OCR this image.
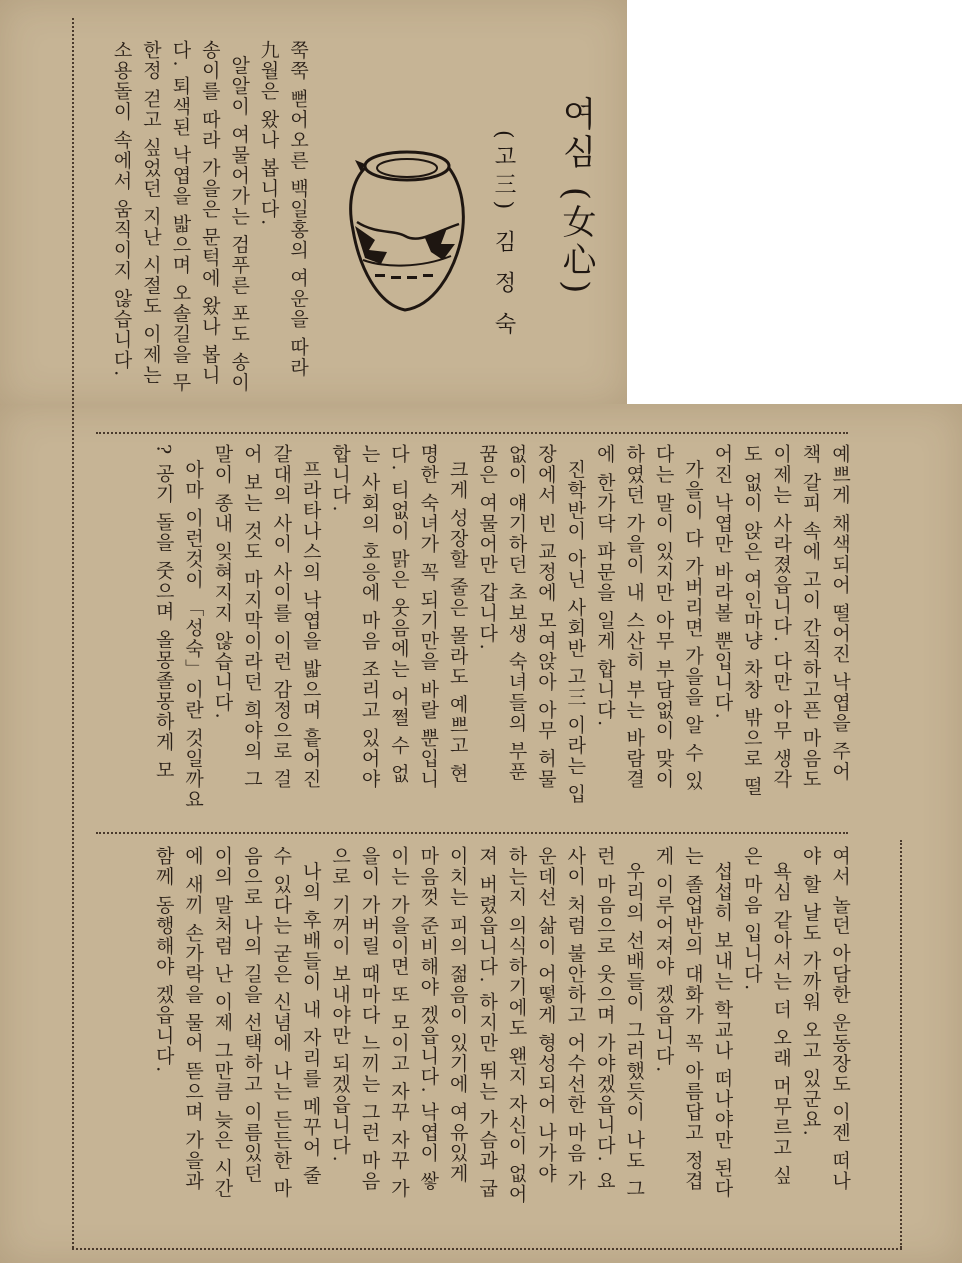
여심 (女心)
(고三)
김 정 숙
쭉쭉 뻗어오른 백일홍의 여운을 따라
九월은 왔나 봅니다.
알알이 여물어가는 검푸른 포도 송이
송이를 따라 가을은 문턱에 왔나 봅니
다. 퇴색된 낙엽을 밟으며 오솔길을 무
한정 걷고 싶었던 지난 시절도 이제는
소용돌이 속에서 움직이지 않습니다.
예쁘게 채색되어 떨어진 낙엽을 주어
책 갈피 속에 고이 간직하고픈 마음도
이제는 사라졌읍니다. 다만 아무 생각
도 없이 앉은 여인마냥 차창 밖으로 떨
어진 낙엽만 바라볼 뿐입니다.
가을이 다 가버리면 가을을 알 수 있
다는 말이 있지만 아무 부담없이 맞이
하였던 가을이 내 스산히 부는 바람결
에 한가닥 파문을 일게 합니다.
진학반이 아닌 사회반 고三 이라는 입
장에서 빈 교정에 모여앉아 아무 허물
없이 얘기하던 초보생 숙녀들의 부푼
꿈은 여물어만 갑니다.
크게 성장할 줄은 몰라도 예쁘고 현
명한 숙녀가 꼭 되기만을 바랄 뿐입니
다. 티없이 맑은 웃음에는 어쩔 수 없
는 사회의 호응에 마음 조리고 있어야
합니다.
프라타나스의 낙엽을 밟으며 흩어진
갈대의 사이 사이를 이런 감정으로 걸
어 보는 것도 마지막이라던 희야의 그
말이 종내 잊혀지지 않습니다.
아마 이런것이 「성숙」이란 것일까요
? 공기 돌을 줏으며 올몽졸몽하게 모
여서 놀던 아담한 운동장도 이젠 떠나
야 할 날도 가까워 오고 있군요.
욕심 같아서는 더 오래 머무르고 싶
은 마음 입니다.
섭섭히 보내는 학교나 떠나야만 된다
는 졸업반의 대화가 꼭 아름답고 정겹
게 이루어져야 겠읍니다.
우리의 선배들이 그러했듯이 나도 그
런 마음으로 웃으며 가야겠읍니다. 요
사이 처럼 불안하고 어수선한 마음 가
운데선 삶이 어떻게 형성되어 나가야
하는지 의식하기에도 왠지 자신이 없어
져 버렸읍니다. 하지만 뛰는 가슴과 굽
이치는 피의 젊음이 있기에 여유있게
마음껏 준비해야 겠읍니다. 낙엽이 쌓
이는 가을이면 또 모이고 자꾸 자꾸 가
을이 가버릴 때마다 느끼는 그런 마음
으로 기꺼이 보내야만 되겠읍니다.
나의 후배들이 내 자리를 메꾸어 줄
수 있다는 굳은 신념에 나는 든든한 마
음으로 나의 길을 선택하고 이름있던
이의 말처럼 난 이제 그만큼 늦은 시간
에 새끼 손가락을 물어 뜯으며 가을과
함께 동행해야 겠읍니다.
